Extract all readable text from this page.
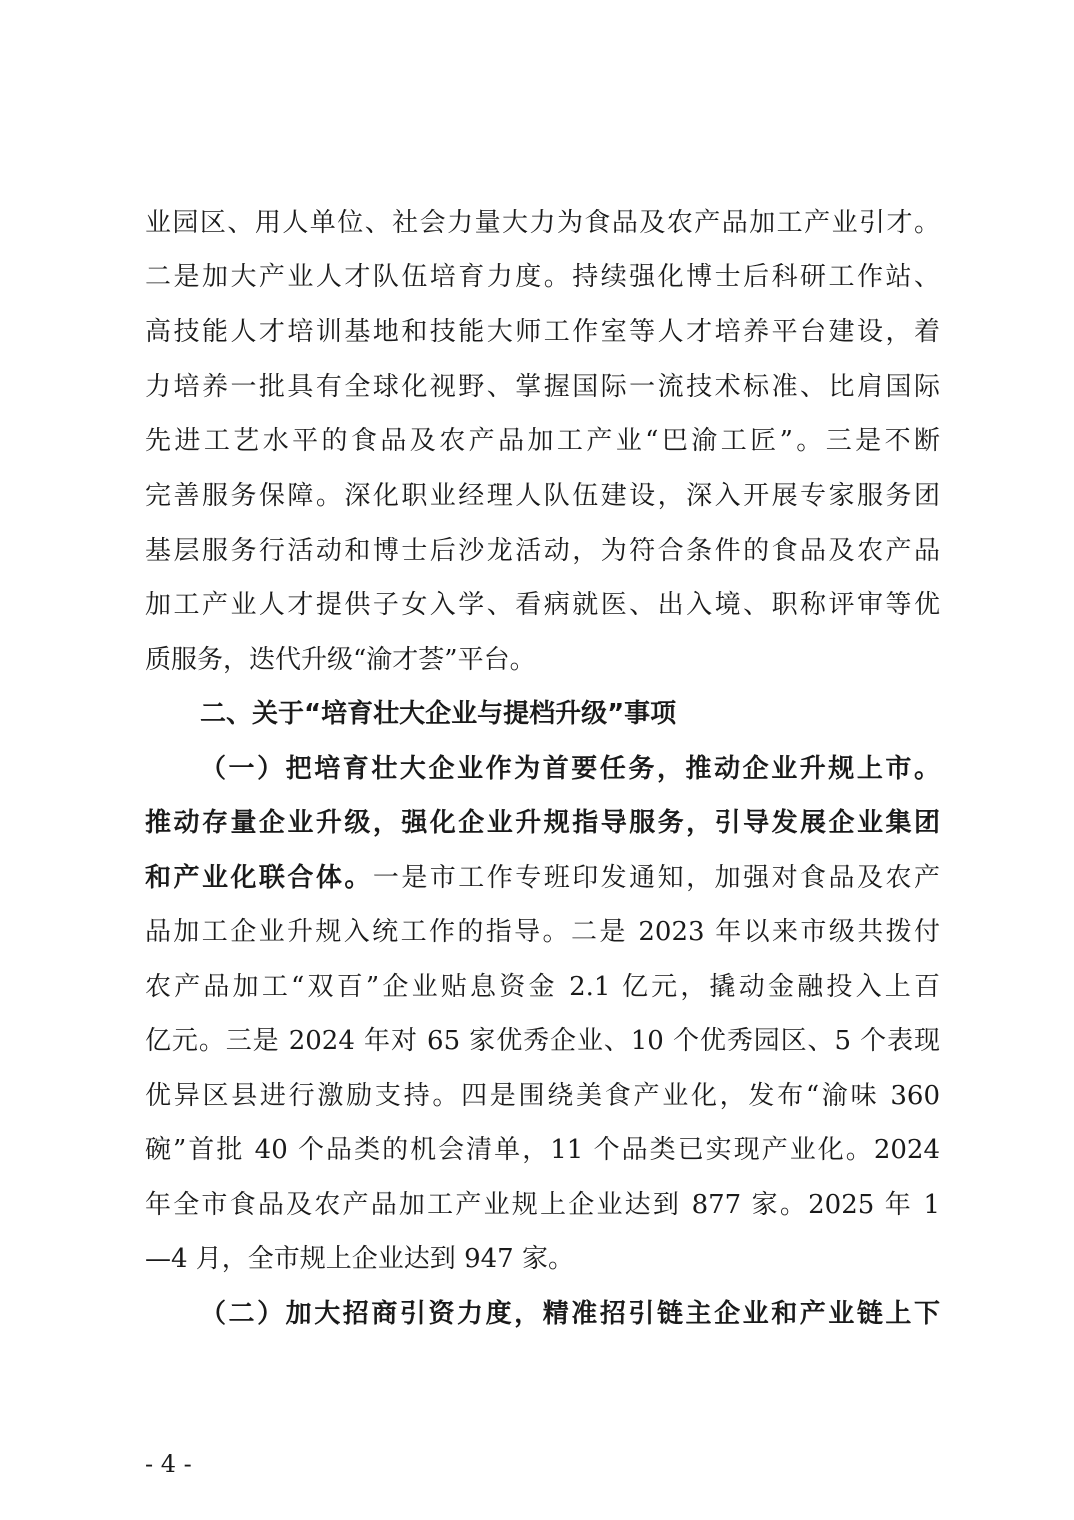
业园区、用人单位、社会力量大力为食品及农产品加工产业引才。
二是加大产业人才队伍培育力度。持续强化博士后科研工作站、
高技能人才培训基地和技能大师工作室等人才培养平台建设，着
力培养一批具有全球化视野、掌握国际一流技术标准、比肩国际
先进工艺水平的食品及农产品加工产业“巴渝工匠”。三是不断
完善服务保障。深化职业经理人队伍建设，深入开展专家服务团
基层服务行活动和博士后沙龙活动，为符合条件的食品及农产品
加工产业人才提供子女入学、看病就医、出入境、职称评审等优
质服务，迭代升级“渝才荟”平台。
二、关于“培育壮大企业与提档升级”事项
（一）把培育壮大企业作为首要任务，推动企业升规上市。
推动存量企业升级，强化企业升规指导服务，引导发展企业集团
和产业化联合体。一是市工作专班印发通知，加强对食品及农产
品加工企业升规入统工作的指导。二是 2023 年以来市级共拨付
农产品加工“双百”企业贴息资金 2.1 亿元，撬动金融投入上百
亿元。三是 2024 年对 65 家优秀企业、10 个优秀园区、5 个表现
优异区县进行激励支持。四是围绕美食产业化，发布“渝味 360
碗”首批 40 个品类的机会清单，11 个品类已实现产业化。2024
年全市食品及农产品加工产业规上企业达到 877 家。2025 年 1
—4 月，全市规上企业达到 947 家。
（二）加大招商引资力度，精准招引链主企业和产业链上下
- 4 -
